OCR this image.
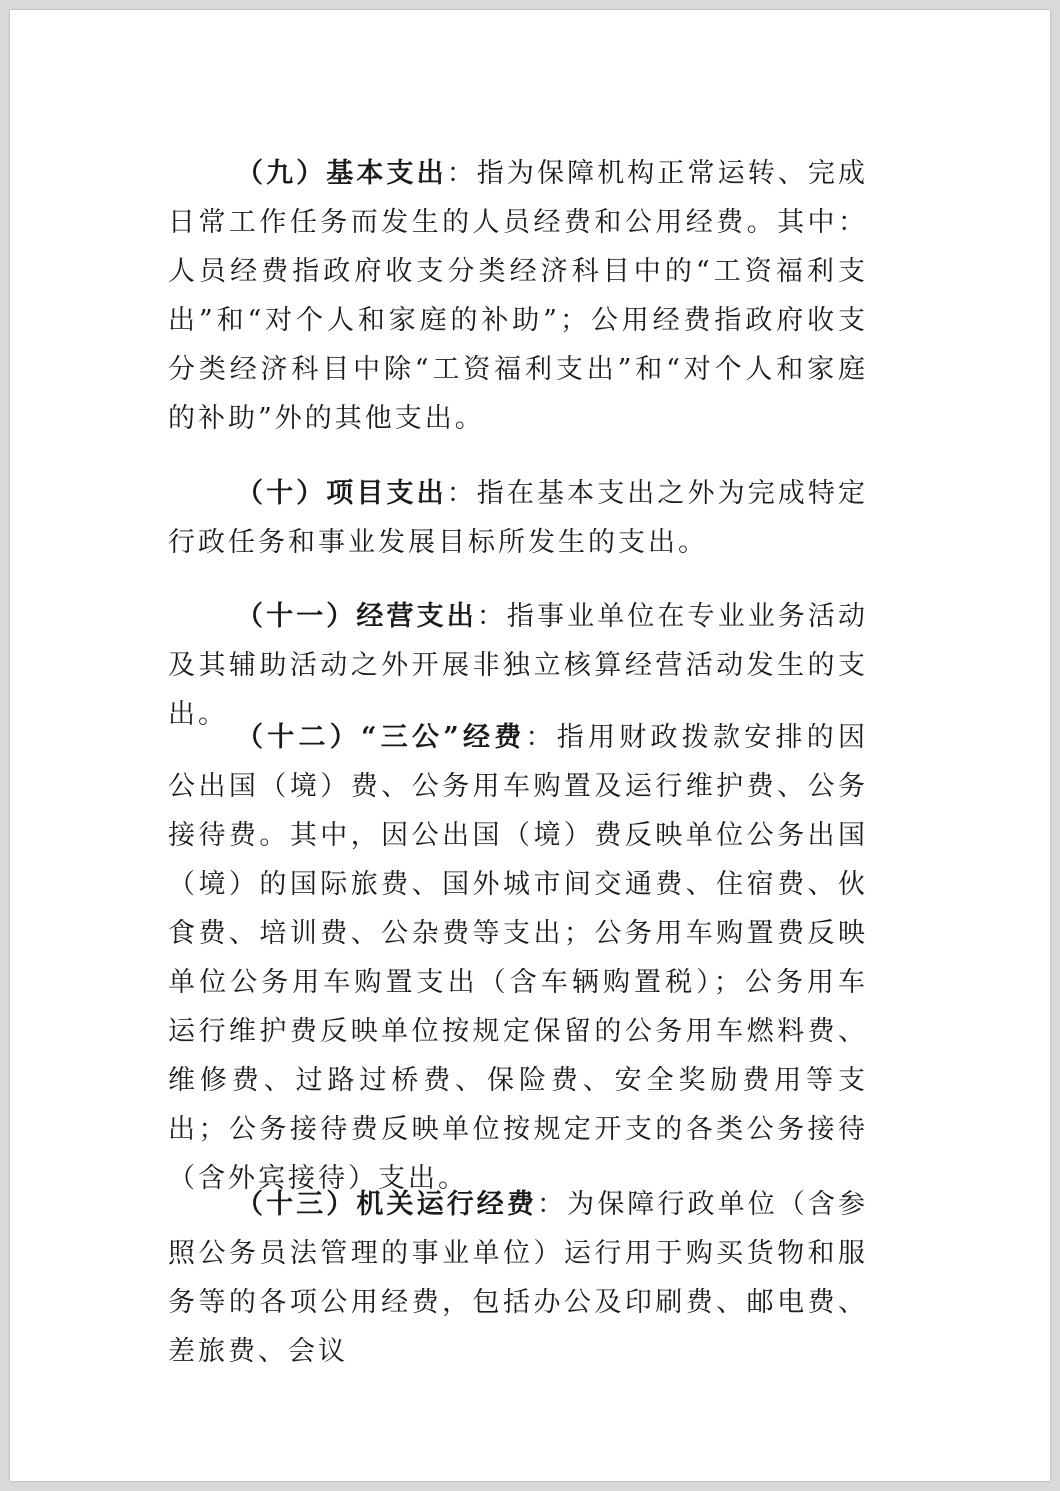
（九）基本支出：指为保障机构正常运转、完成日常工作任务而发生的人员经费和公用经费。其中：人员经费指政府收支分类经济科目中的“工资福利支出”和“对个人和家庭的补助”；公用经费指政府收支分类经济科目中除“工资福利支出”和“对个人和家庭的补助”外的其他支出。
（十）项目支出：指在基本支出之外为完成特定行政任务和事业发展目标所发生的支出。
（十一）经营支出：指事业单位在专业业务活动及其辅助活动之外开展非独立核算经营活动发生的支出。
（十二）“三公”经费：指用财政拨款安排的因公出国（境）费、公务用车购置及运行维护费、公务接待费。其中，因公出国（境）费反映单位公务出国（境）的国际旅费、国外城市间交通费、住宿费、伙食费、培训费、公杂费等支出；公务用车购置费反映单位公务用车购置支出（含车辆购置税）；公务用车运行维护费反映单位按规定保留的公务用车燃料费、维修费、过路过桥费、保险费、安全奖励费用等支出；公务接待费反映单位按规定开支的各类公务接待（含外宾接待）支出。
（十三）机关运行经费：为保障行政单位（含参照公务员法管理的事业单位）运行用于购买货物和服务等的各项公用经费，包括办公及印刷费、邮电费、差旅费、会议
